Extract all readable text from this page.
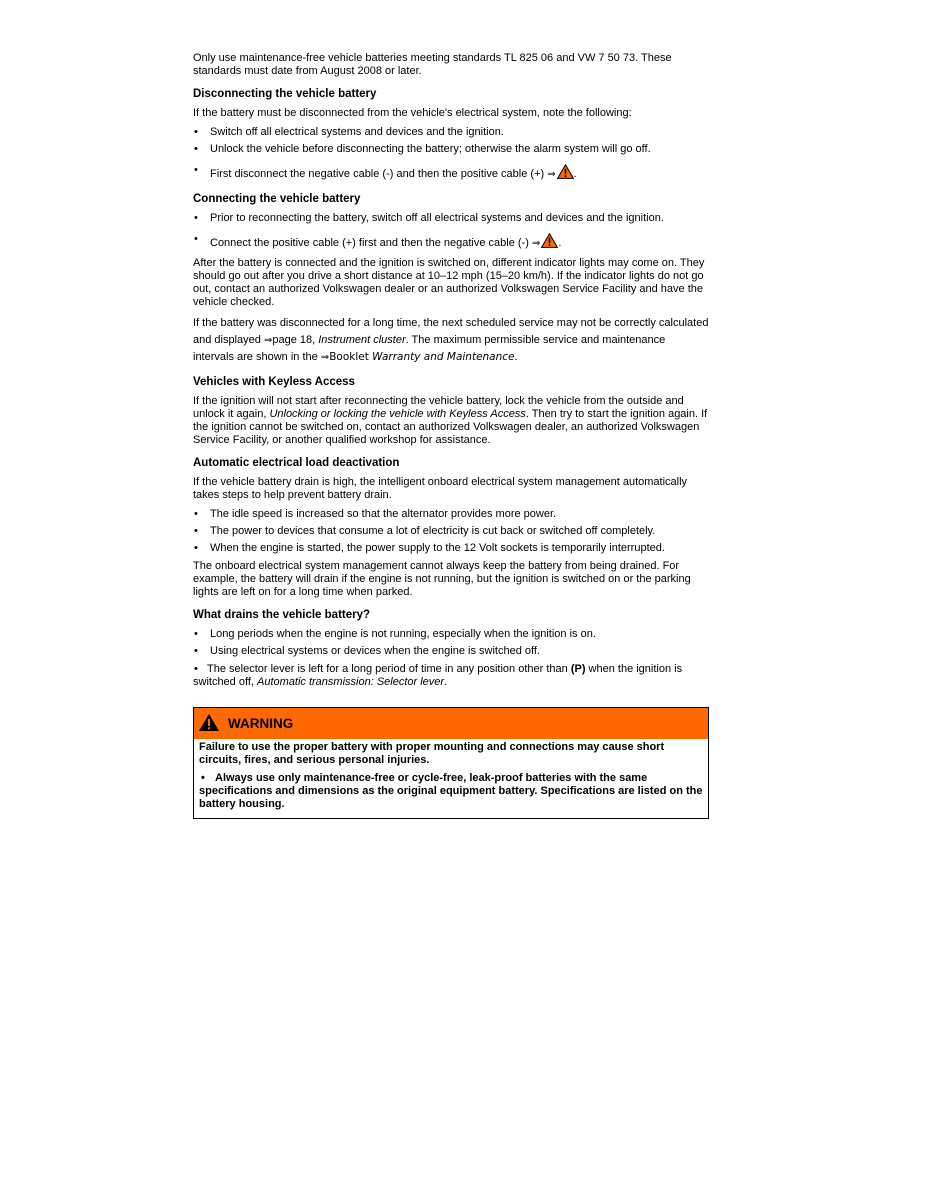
Only use maintenance-free vehicle batteries meeting standards TL 825 06 and VW 7 50 73. These standards must date from August 2008 or later.

Disconnecting the vehicle battery

If the battery must be disconnected from the vehicle's electrical system, note the following:

• Switch off all electrical systems and devices and the ignition.
• Unlock the vehicle before disconnecting the battery; otherwise the alarm system will go off.
• First disconnect the negative cable (-) and then the positive cable (+) ⇒ .
Connecting the vehicle battery
• Prior to reconnecting the battery, switch off all electrical systems and devices and the ignition.
• Connect the positive cable (+) first and then the negative cable (-) ⇒ .

After the battery is connected and the ignition is switched on, different indicator lights may come on. They should go out after you drive a short distance at 10–12 mph (15–20 km/h). If the indicator lights do not go out, contact an authorized Volkswagen dealer or an authorized Volkswagen Service Facility and have the vehicle checked.

If the battery was disconnected for a long time, the next scheduled service may not be correctly calculated and displayed ⇒page 18, Instrument cluster. The maximum permissible service and maintenance intervals are shown in the ⇒Booklet Warranty and Maintenance.

Vehicles with Keyless Access

If the ignition will not start after reconnecting the vehicle battery, lock the vehicle from the outside and unlock it again, Unlocking or locking the vehicle with Keyless Access. Then try to start the ignition again. If the ignition cannot be switched on, contact an authorized Volkswagen dealer, an authorized Volkswagen Service Facility, or another qualified workshop for assistance.

Automatic electrical load deactivation

If the vehicle battery drain is high, the intelligent onboard electrical system management automatically takes steps to help prevent battery drain.

• The idle speed is increased so that the alternator provides more power.
• The power to devices that consume a lot of electricity is cut back or switched off completely.
• When the engine is started, the power supply to the 12 Volt sockets is temporarily interrupted.

The onboard electrical system management cannot always keep the battery from being drained. For example, the battery will drain if the engine is not running, but the ignition is switched on or the parking lights are left on for a long time when parked.

What drains the vehicle battery?
• Long periods when the engine is not running, especially when the ignition is on.
• Using electrical systems or devices when the engine is switched off.

• The selector lever is left for a long period of time in any position other than (P) when the ignition is switched off, Automatic transmission: Selector lever.

WARNING

Failure to use the proper battery with proper mounting and connections may cause short circuits, fires, and serious personal injuries.

• Always use only maintenance-free or cycle-free, leak-proof batteries with the same specifications and dimensions as the original equipment battery. Specifications are listed on the battery housing.
